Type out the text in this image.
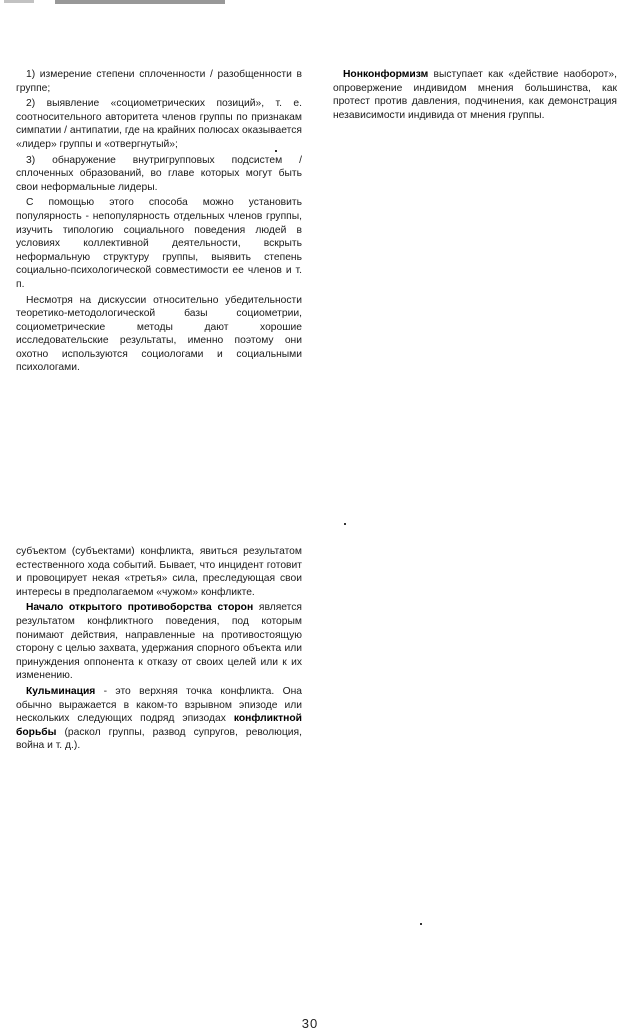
1) измерение степени сплоченности / разобщенности в группе;

2) выявление «социометрических позиций», т. е. соотносительного авторитета членов группы по признакам симпатии / антипатии, где на крайних полюсах оказывается «лидер» группы и «отвергнутый»;

3) обнаружение внутригрупповых подсистем / сплоченных образований, во главе которых могут быть свои неформальные лидеры.

С помощью этого способа можно установить популярность - непопулярность отдельных членов группы, изучить типологию социального поведения людей в условиях коллективной деятельности, вскрыть неформальную структуру группы, выявить степень социально-психологической совместимости ее членов и т. п.

Несмотря на дискуссии относительно убедительности теоретико-методологической базы социометрии, социометрические методы дают хорошие исследовательские результаты, именно поэтому они охотно используются социологами и социальными психологами.

Нонконформизм выступает как «действие наоборот», опровержение индивидом мнения большинства, как протест против давления, подчинения, как демонстрация независимости индивида от мнения группы.

субъектом (субъектами) конфликта, явиться результатом естественного хода событий. Бывает, что инцидент готовит и провоцирует некая «третья» сила, преследующая свои интересы в предполагаемом «чужом» конфликте.

Начало открытого противоборства сторон является результатом конфликтного поведения, под которым понимают действия, направленные на противостоящую сторону с целью захвата, удержания спорного объекта или принуждения оппонента к отказу от своих целей или к их изменению.

Кульминация - это верхняя точка конфликта. Она обычно выражается в каком-то взрывном эпизоде или нескольких следующих подряд эпизодах конфликтной борьбы (раскол группы, развод супругов, революция, война и т. д.).

30
